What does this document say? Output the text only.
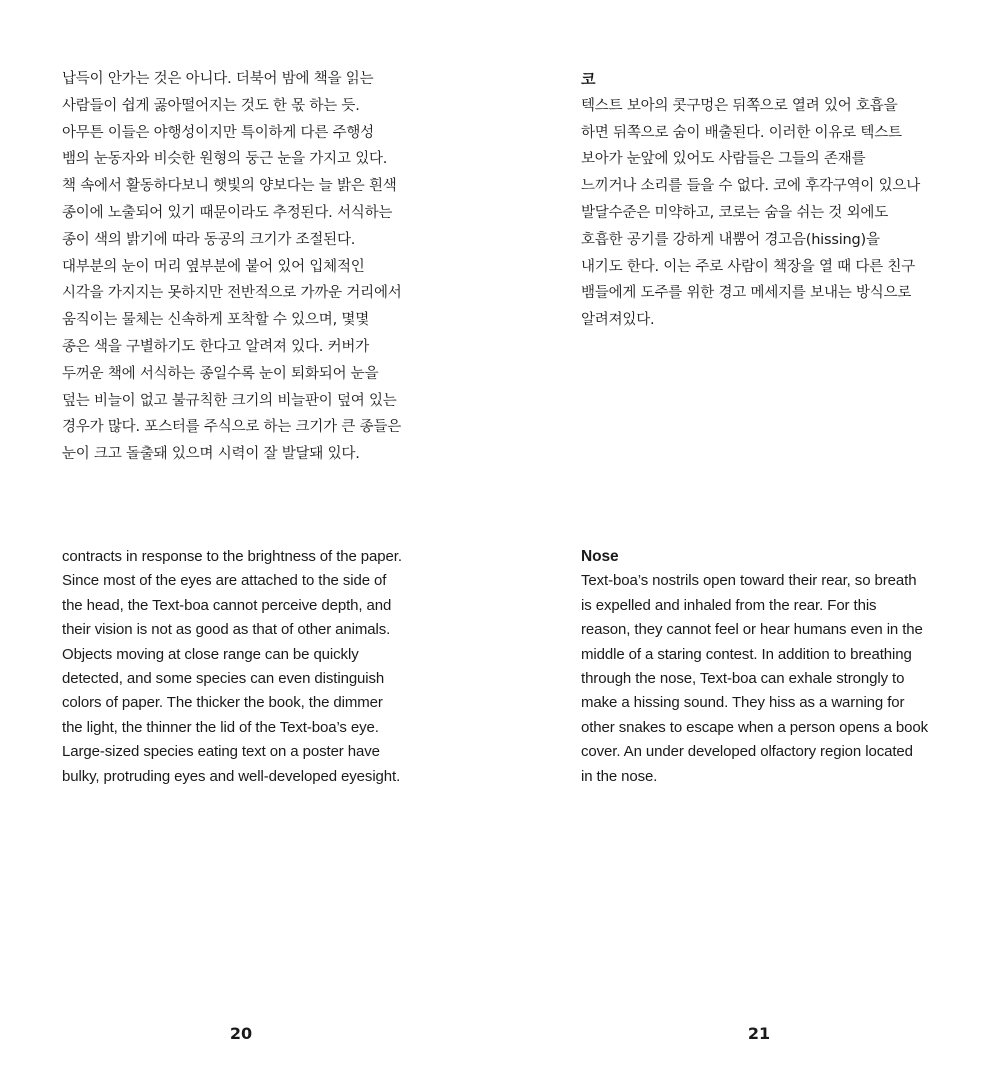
납득이 안가는 것은 아니다. 더북어 밤에 책을 읽는
사람들이 쉽게 곯아떨어지는 것도 한 몫 하는 듯.
아무튼 이들은 야행성이지만 특이하게 다른 주행성
뱀의 눈동자와 비슷한 원형의 둥근 눈을 가지고 있다.
책 속에서 활동하다보니 햇빛의 양보다는 늘 밝은 흰색
종이에 노출되어 있기 때문이라도 추정된다. 서식하는
종이 색의 밝기에 따라 동공의 크기가 조절된다.
대부분의 눈이 머리 옆부분에 붙어 있어 입체적인
시각을 가지지는 못하지만 전반적으로 가까운 거리에서
움직이는 물체는 신속하게 포착할 수 있으며, 몇몇
종은 색을 구별하기도 한다고 알려져 있다. 커버가
두꺼운 책에 서식하는 종일수록 눈이 퇴화되어 눈을
덮는 비늘이 없고 불규칙한 크기의 비늘판이 덮여 있는
경우가 많다. 포스터를 주식으로 하는 크기가 큰 종들은
눈이 크고 돌출돼 있으며 시력이 잘 발달돼 있다.
코
텍스트 보아의 콧구멍은 뒤쪽으로 열려 있어 호흡을
하면 뒤쪽으로 숨이 배출된다. 이러한 이유로 텍스트
보아가 눈앞에 있어도 사람들은 그들의 존재를
느끼거나 소리를 들을 수 없다. 코에 후각구역이 있으나
발달수준은 미약하고, 코로는 숨을 쉬는 것 외에도
호흡한 공기를 강하게 내뿜어 경고음(hissing)을
내기도 한다. 이는 주로 사람이 책장을 열 때 다른 친구
뱀들에게 도주를 위한 경고 메세지를 보내는 방식으로
알려져있다.
contracts in response to the brightness of the paper.
Since most of the eyes are attached to the side of
the head, the Text-boa cannot perceive depth, and
their vision is not as good as that of other animals.
Objects moving at close range can be quickly
detected, and some species can even distinguish
colors of paper. The thicker the book, the dimmer
the light, the thinner the lid of the Text-boa’s eye.
Large-sized species eating text on a poster have
bulky, protruding eyes and well-developed eyesight.
Nose
Text-boa’s nostrils open toward their rear, so breath
is expelled and inhaled from the rear. For this
reason, they cannot feel or hear humans even in the
middle of a staring contest. In addition to breathing
through the nose, Text-boa can exhale strongly to
make a hissing sound. They hiss as a warning for
other snakes to escape when a person opens a book
cover. An under developed olfactory region located
in the nose.
20	21
